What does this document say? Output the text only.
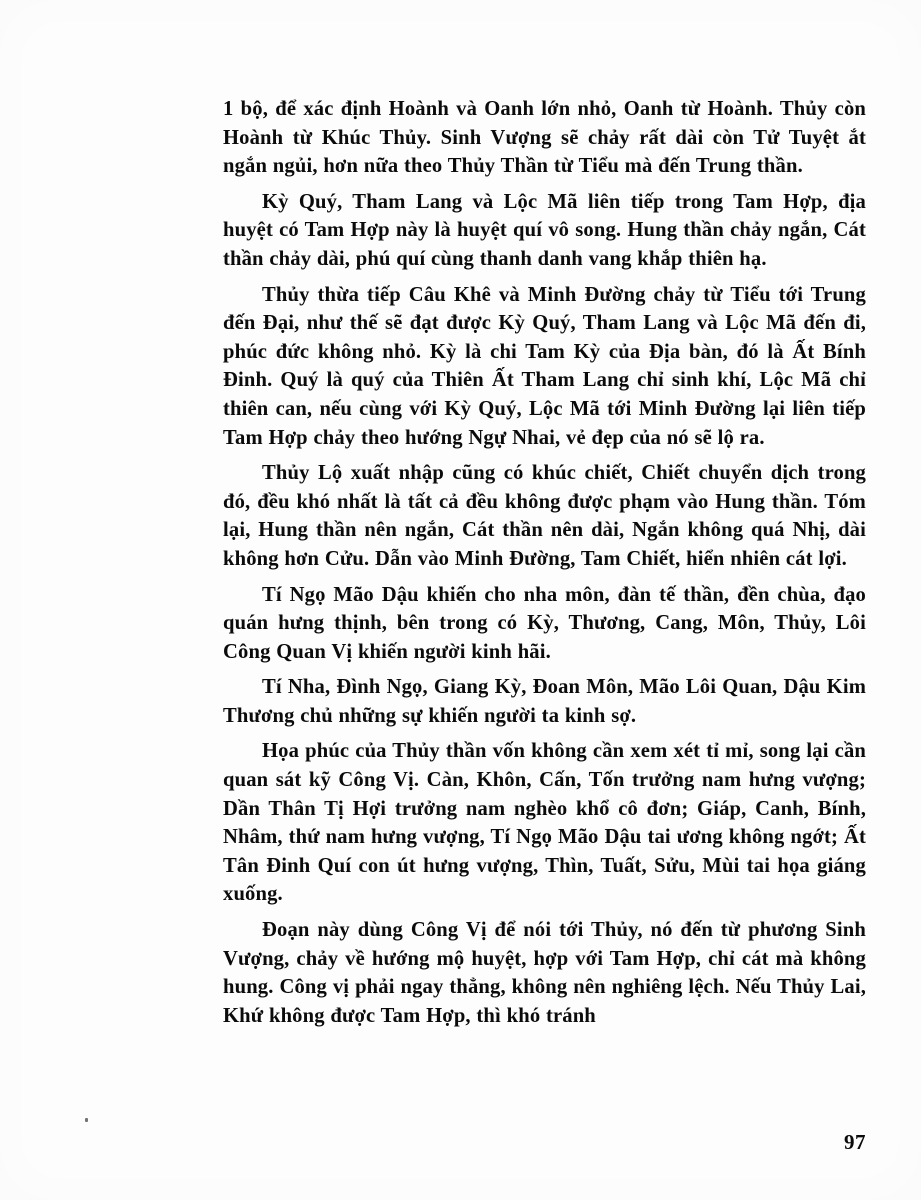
1 bộ, để xác định Hoành và Oanh lớn nhỏ, Oanh từ Hoành. Thủy còn Hoành từ Khúc Thủy. Sinh Vượng sẽ chảy rất dài còn Tử Tuyệt ắt ngắn ngủi, hơn nữa theo Thủy Thần từ Tiểu mà đến Trung thần.

Kỳ Quý, Tham Lang và Lộc Mã liên tiếp trong Tam Hợp, địa huyệt có Tam Hợp này là huyệt quí vô song. Hung thần chảy ngắn, Cát thần chảy dài, phú quí cùng thanh danh vang khắp thiên hạ.

Thủy thừa tiếp Câu Khê và Minh Đường chảy từ Tiểu tới Trung đến Đại, như thế sẽ đạt được Kỳ Quý, Tham Lang và Lộc Mã đến đi, phúc đức không nhỏ. Kỳ là chi Tam Kỳ của Địa bàn, đó là Ất Bính Đinh. Quý là quý của Thiên Ất Tham Lang chỉ sinh khí, Lộc Mã chỉ thiên can, nếu cùng với Kỳ Quý, Lộc Mã tới Minh Đường lại liên tiếp Tam Hợp chảy theo hướng Ngự Nhai, vẻ đẹp của nó sẽ lộ ra.

Thủy Lộ xuất nhập cũng có khúc chiết, Chiết chuyển dịch trong đó, đều khó nhất là tất cả đều không được phạm vào Hung thần. Tóm lại, Hung thần nên ngắn, Cát thần nên dài, Ngắn không quá Nhị, dài không hơn Cửu. Dẫn vào Minh Đường, Tam Chiết, hiển nhiên cát lợi.

Tí Ngọ Mão Dậu khiến cho nha môn, đàn tế thần, đền chùa, đạo quán hưng thịnh, bên trong có Kỳ, Thương, Cang, Môn, Thủy, Lôi Công Quan Vị khiến người kinh hãi.

Tí Nha, Đình Ngọ, Giang Kỳ, Đoan Môn, Mão Lôi Quan, Dậu Kim Thương chủ những sự khiến người ta kinh sợ.

Họa phúc của Thủy thần vốn không cần xem xét tỉ mỉ, song lại cần quan sát kỹ Công Vị. Càn, Khôn, Cấn, Tốn trưởng nam hưng vượng; Dần Thân Tị Hợi trưởng nam nghèo khổ cô đơn; Giáp, Canh, Bính, Nhâm, thứ nam hưng vượng, Tí Ngọ Mão Dậu tai ương không ngớt; Ất Tân Đinh Quí con út hưng vượng, Thìn, Tuất, Sửu, Mùi tai họa giáng xuống.

Đoạn này dùng Công Vị để nói tới Thủy, nó đến từ phương Sinh Vượng, chảy về hướng mộ huyệt, hợp với Tam Hợp, chỉ cát mà không hung. Công vị phải ngay thẳng, không nên nghiêng lệch. Nếu Thủy Lai, Khứ không được Tam Hợp, thì khó tránh

97
